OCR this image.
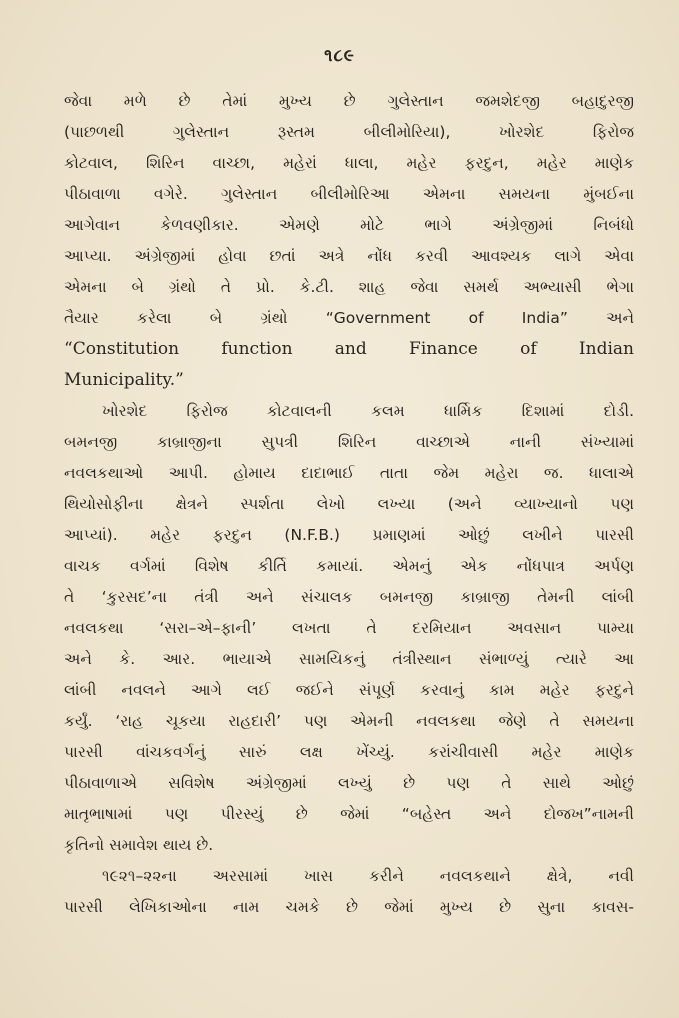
૧૮૯
જેવા મળે છે તેમાં મુખ્ય છે ગુલેસ્તાન જમશેદજી બહાદુરજી
(પાછળથી ગુલેસ્તાન રૂસ્તમ બીલીમોરિયા), ખોરશેદ ફિરોજ
કોટવાલ, શિરિન વાચ્છા, મહેરાં ધાલા, મહેર ફરદુન, મહેર માણેક
પીઠાવાળા વગેરે. ગુલેસ્તાન બીલીમોરિઆ એમના સમયના મુંબઈના
આગેવાન કેળવણીકાર. એમણે મોટે ભાગે અંગ્રેજીમાં નિબંધો
આપ્યા. અંગ્રેજીમાં હોવા છતાં અત્રે નોંધ કરવી આવશ્યક લાગે એવા
એમના બે ગ્રંથો તે પ્રો. કે.ટી. શાહ જેવા સમર્થ અભ્યાસી ભેગા
તૈયાર કરેલા બે ગ્રંથો “Government of India” અને
“Constitution function and Finance of Indian
Municipality.”
ખોરશેદ ફિરોજ કોટવાલની કલમ ધાર્મિક દિશામાં દોડી.
બમનજી કાબ્રાજીના સુપત્રી શિરિન વાચ્છાએ નાની સંખ્યામાં
નવલકથાઓ આપી. હોમાય દાદાભાઈ તાતા જેમ મહેરા જ. ધાલાએ
થિયોસોફીના ક્ષેત્રને સ્પર્શતા લેખો લખ્યા (અને વ્યાખ્યાનો પણ
આપ્યાં). મહેર ફરદુન (N.F.B.) પ્રમાણમાં ઓછું લખીને પારસી
વાચક વર્ગમાં વિશેષ કીર્તિ કમાયાં. એમનું એક નોંધપાત્ર અર્પણ
તે ‘કુરસદ’ના તંત્રી અને સંચાલક બમનજી કાબ્રાજી તેમની લાંબી
નવલકથા ‘સરા–એ–ફાની’ લખતા તે દરમિયાન અવસાન પામ્યા
અને કે. આર. ભાયાએ સામયિકનું તંત્રીસ્થાન સંભાળ્યું ત્યારે આ
લાંબી નવલને આગે લઈ જઈને સંપૂર્ણ કરવાનું કામ મહેર ફરદુને
કર્યું. ‘રાહ ચૂકયા રાહદારી’ પણ એમની નવલકથા જેણે તે સમયના
પારસી વાંચકવર્ગનું સારું લક્ષ ખેંચ્યું. કરાંચીવાસી મહેર માણેક
પીઠાવાળાએ સવિશેષ અંગ્રેજીમાં લખ્યું છે પણ તે સાથે ઓછું
માતૃભાષામાં પણ પીરસ્યું છે જેમાં “બહેસ્ત અને દોજખ”નામની
કૃતિનો સમાવેશ થાય છે.
૧૯૨૧–૨૨ના અરસામાં ખાસ કરીને નવલકથાને ક્ષેત્રે, નવી
પારસી લેખિકાઓના નામ ચમકે છે જેમાં મુખ્ય છે સુના કાવસ-
